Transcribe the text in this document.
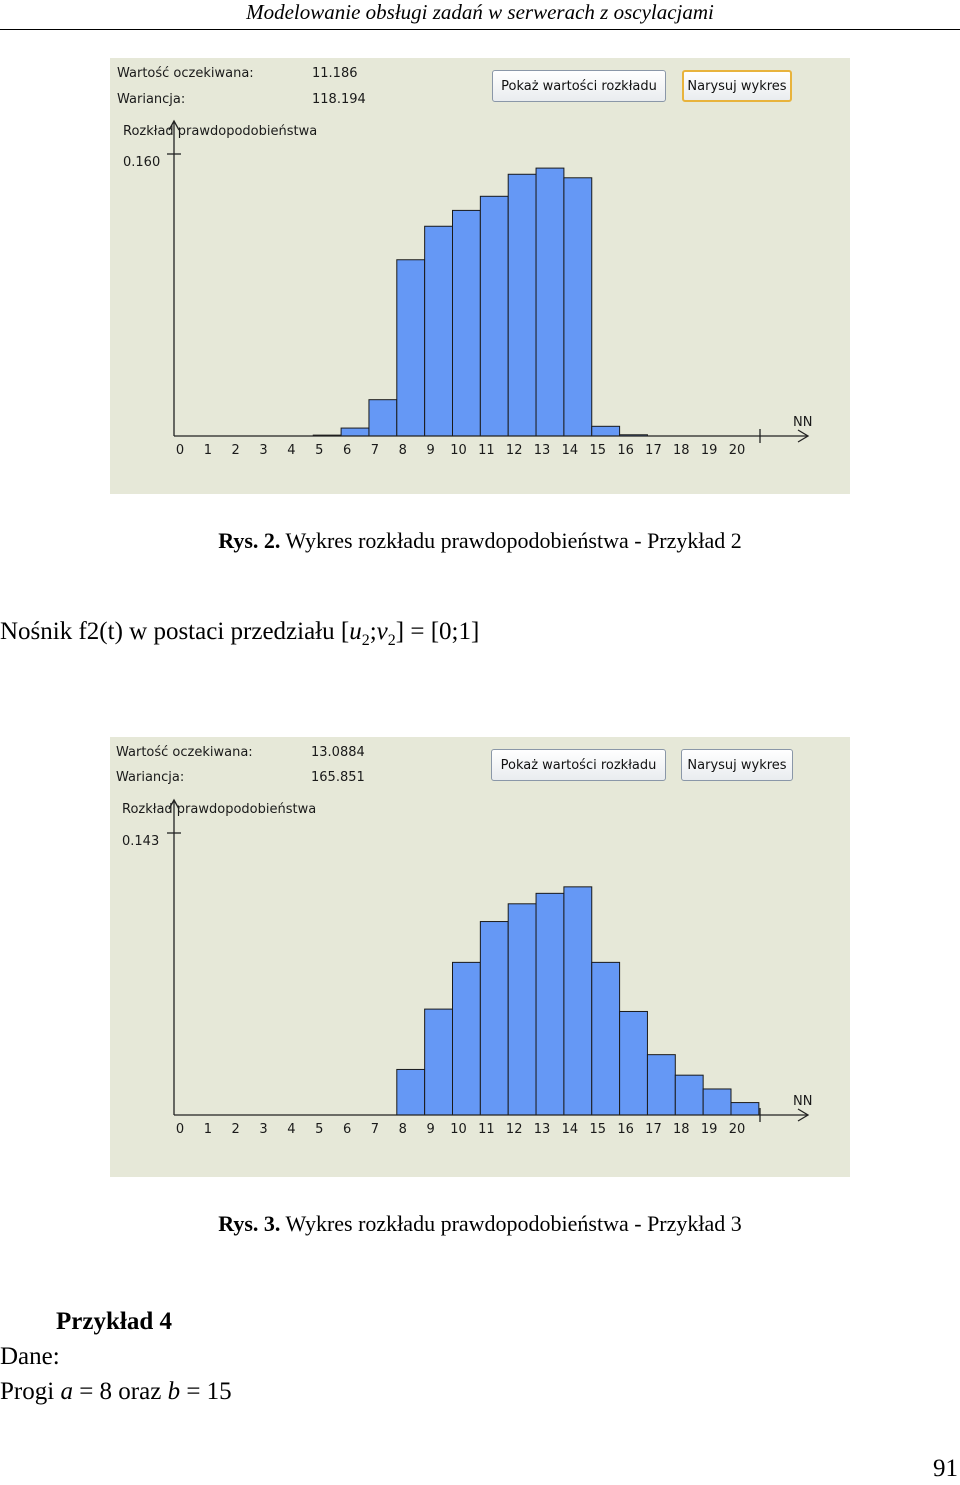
Modelowanie obsługi zadań w serwerach z oscylacjami
Wartość oczekiwana:	11.186
Wariancja:	118.194
Rozkład prawdopodobieństwa
0.160
NN
0 1 2 3 4 5 6 7 8 9 10 11 12 13 14 15 16 17 18 19 20
Pokaż wartości rozkładu	Narysuj wykres
Rys. 2. Wykres rozkładu prawdopodobieństwa - Przykład 2
Nośnik f2(t) w postaci przedziału $[u_2;v_2]$ = [0;1]
Wartość oczekiwana:	13.0884
Wariancja:	165.851
Rozkład prawdopodobieństwa
0.143
NN
0 1 2 3 4 5 6 7 8 9 10 11 12 13 14 15 16 17 18 19 20
Pokaż wartości rozkładu	Narysuj wykres
Rys. 3. Wykres rozkładu prawdopodobieństwa - Przykład 3
Przykład 4
Dane:
Progi a = 8 oraz b = 15
91
